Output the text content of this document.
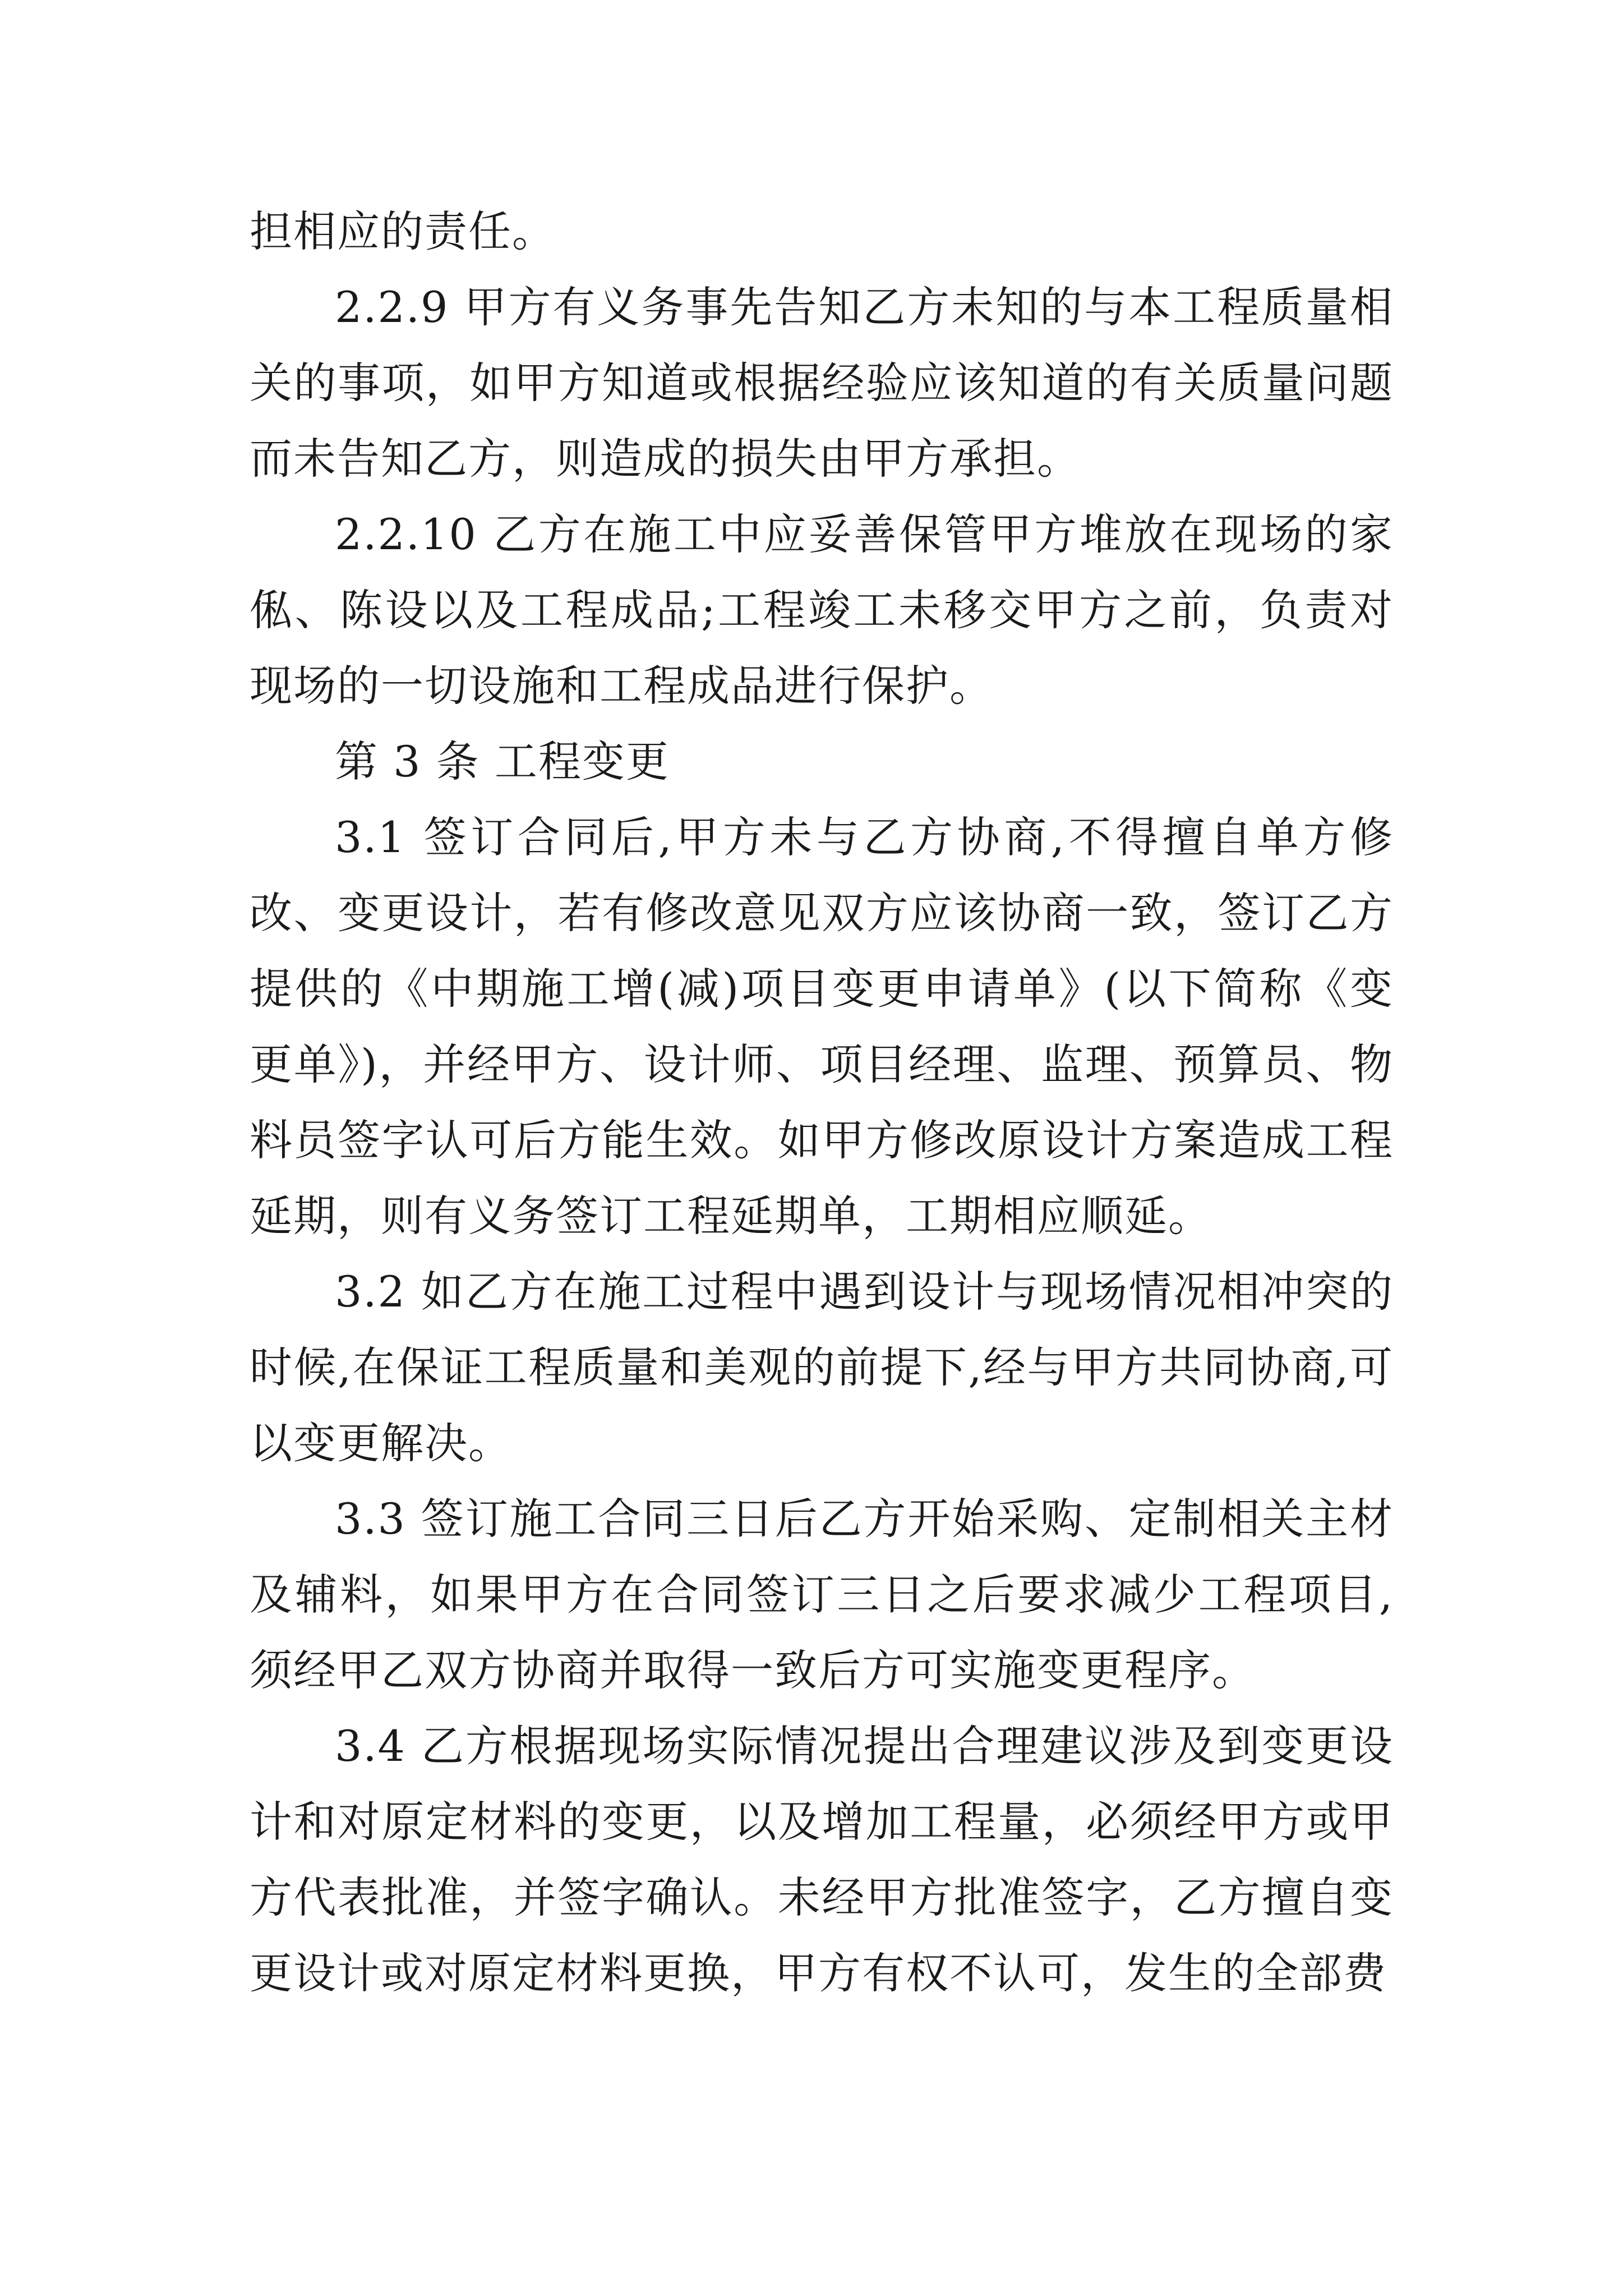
担相应的责任。

2.2.9 甲方有义务事先告知乙方未知的与本工程质量相关的事项，如甲方知道或根据经验应该知道的有关质量问题而未告知乙方，则造成的损失由甲方承担。

2.2.10 乙方在施工中应妥善保管甲方堆放在现场的家俬、陈设以及工程成品;工程竣工未移交甲方之前，负责对现场的一切设施和工程成品进行保护。

第 3 条 工程变更

3.1 签订合同后,甲方未与乙方协商,不得擅自单方修改、变更设计，若有修改意见双方应该协商一致，签订乙方提供的《中期施工增(减)项目变更申请单》(以下简称《变更单》)，并经甲方、设计师、项目经理、监理、预算员、物料员签字认可后方能生效。如甲方修改原设计方案造成工程延期，则有义务签订工程延期单，工期相应顺延。

3.2 如乙方在施工过程中遇到设计与现场情况相冲突的时候,在保证工程质量和美观的前提下,经与甲方共同协商,可以变更解决。

3.3 签订施工合同三日后乙方开始采购、定制相关主材及辅料，如果甲方在合同签订三日之后要求减少工程项目,须经甲乙双方协商并取得一致后方可实施变更程序。

3.4 乙方根据现场实际情况提出合理建议涉及到变更设计和对原定材料的变更，以及增加工程量，必须经甲方或甲方代表批准，并签字确认。未经甲方批准签字，乙方擅自变更设计或对原定材料更换，甲方有权不认可，发生的全部费
